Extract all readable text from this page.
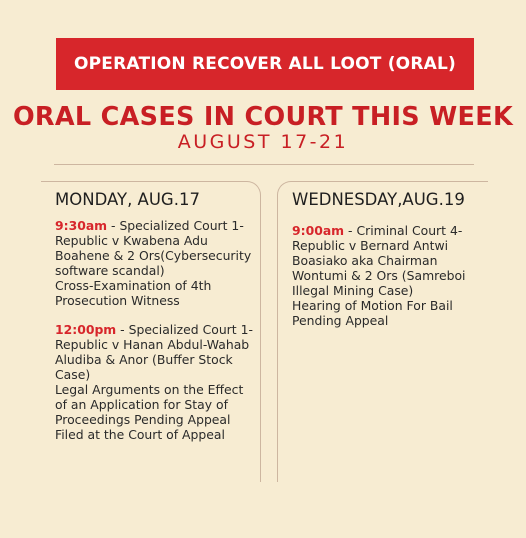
OPERATION RECOVER ALL LOOT (ORAL)
ORAL CASES IN COURT THIS WEEK
AUGUST 17-21
MONDAY, AUG.17
9:30am - Specialized Court 1-
Republic v Kwabena Adu
Boahene & 2 Ors(Cybersecurity
software scandal)
Cross-Examination of 4th
Prosecution Witness
12:00pm - Specialized Court 1-
Republic v Hanan Abdul-Wahab
Aludiba & Anor (Buffer Stock
Case)
Legal Arguments on the Effect
of an Application for Stay of
Proceedings Pending Appeal
Filed at the Court of Appeal
WEDNESDAY,AUG.19
9:00am - Criminal Court 4-
Republic v Bernard Antwi
Boasiako aka Chairman
Wontumi & 2 Ors (Samreboi
Illegal Mining Case)
Hearing of Motion For Bail
Pending Appeal
